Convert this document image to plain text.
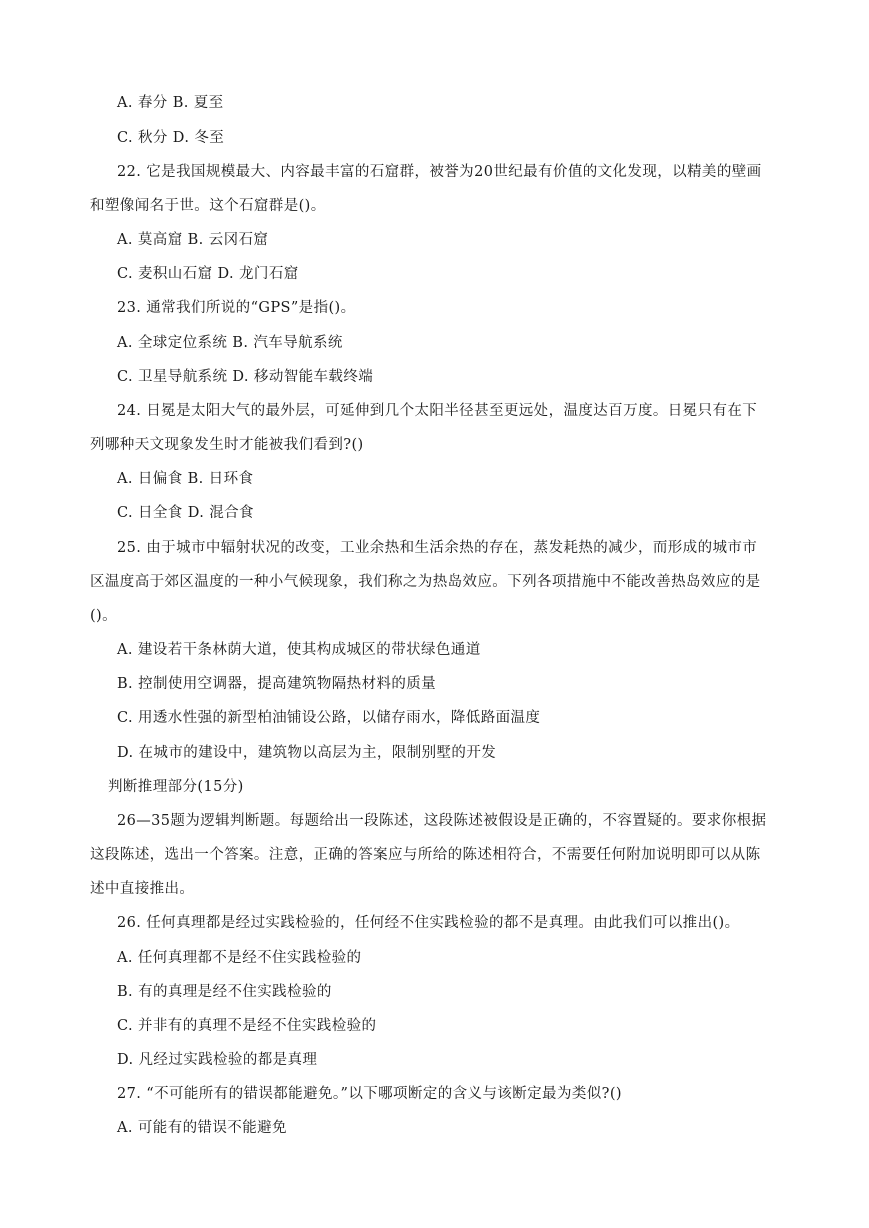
A. 春分 B. 夏至
C. 秋分 D. 冬至
22. 它是我国规模最大、内容最丰富的石窟群，被誉为20世纪最有价值的文化发现，以精美的壁画
和塑像闻名于世。这个石窟群是()。
A. 莫高窟 B. 云冈石窟
C. 麦积山石窟 D. 龙门石窟
23. 通常我们所说的“GPS”是指()。
A. 全球定位系统 B. 汽车导航系统
C. 卫星导航系统 D. 移动智能车载终端
24. 日冕是太阳大气的最外层，可延伸到几个太阳半径甚至更远处，温度达百万度。日冕只有在下
列哪种天文现象发生时才能被我们看到?()
A. 日偏食 B. 日环食
C. 日全食 D. 混合食
25. 由于城市中辐射状况的改变，工业余热和生活余热的存在，蒸发耗热的减少，而形成的城市市
区温度高于郊区温度的一种小气候现象，我们称之为热岛效应。下列各项措施中不能改善热岛效应的是
()。
A. 建设若干条林荫大道，使其构成城区的带状绿色通道
B. 控制使用空调器，提高建筑物隔热材料的质量
C. 用透水性强的新型柏油铺设公路，以储存雨水，降低路面温度
D. 在城市的建设中，建筑物以高层为主，限制别墅的开发
判断推理部分(15分)
26—35题为逻辑判断题。每题给出一段陈述，这段陈述被假设是正确的，不容置疑的。要求你根据
这段陈述，选出一个答案。注意，正确的答案应与所给的陈述相符合，不需要任何附加说明即可以从陈
述中直接推出。
26. 任何真理都是经过实践检验的，任何经不住实践检验的都不是真理。由此我们可以推出()。
A. 任何真理都不是经不住实践检验的
B. 有的真理是经不住实践检验的
C. 并非有的真理不是经不住实践检验的
D. 凡经过实践检验的都是真理
27. “不可能所有的错误都能避免。”以下哪项断定的含义与该断定最为类似?()
A. 可能有的错误不能避免
